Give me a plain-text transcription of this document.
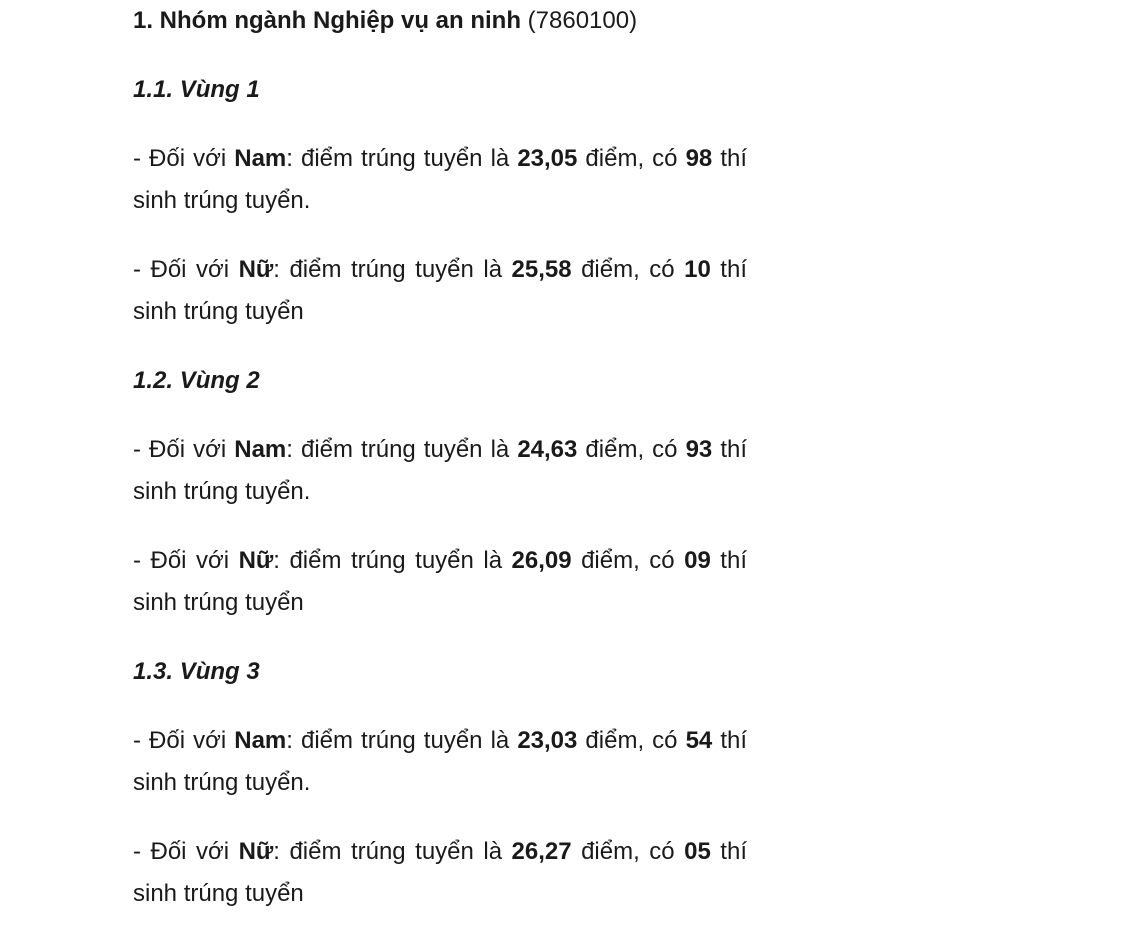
1. Nhóm ngành Nghiệp vụ an ninh (7860100)
1.1. Vùng 1

- Đối với Nam: điểm trúng tuyển là 23,05 điểm, có 98 thí sinh trúng tuyển.

- Đối với Nữ: điểm trúng tuyển là 25,58 điểm, có 10 thí sinh trúng tuyển

1.2. Vùng 2

- Đối với Nam: điểm trúng tuyển là 24,63 điểm, có 93 thí sinh trúng tuyển.

- Đối với Nữ: điểm trúng tuyển là 26,09 điểm, có 09 thí sinh trúng tuyển

1.3. Vùng 3

- Đối với Nam: điểm trúng tuyển là 23,03 điểm, có 54 thí sinh trúng tuyển.

- Đối với Nữ: điểm trúng tuyển là 26,27 điểm, có 05 thí sinh trúng tuyển
